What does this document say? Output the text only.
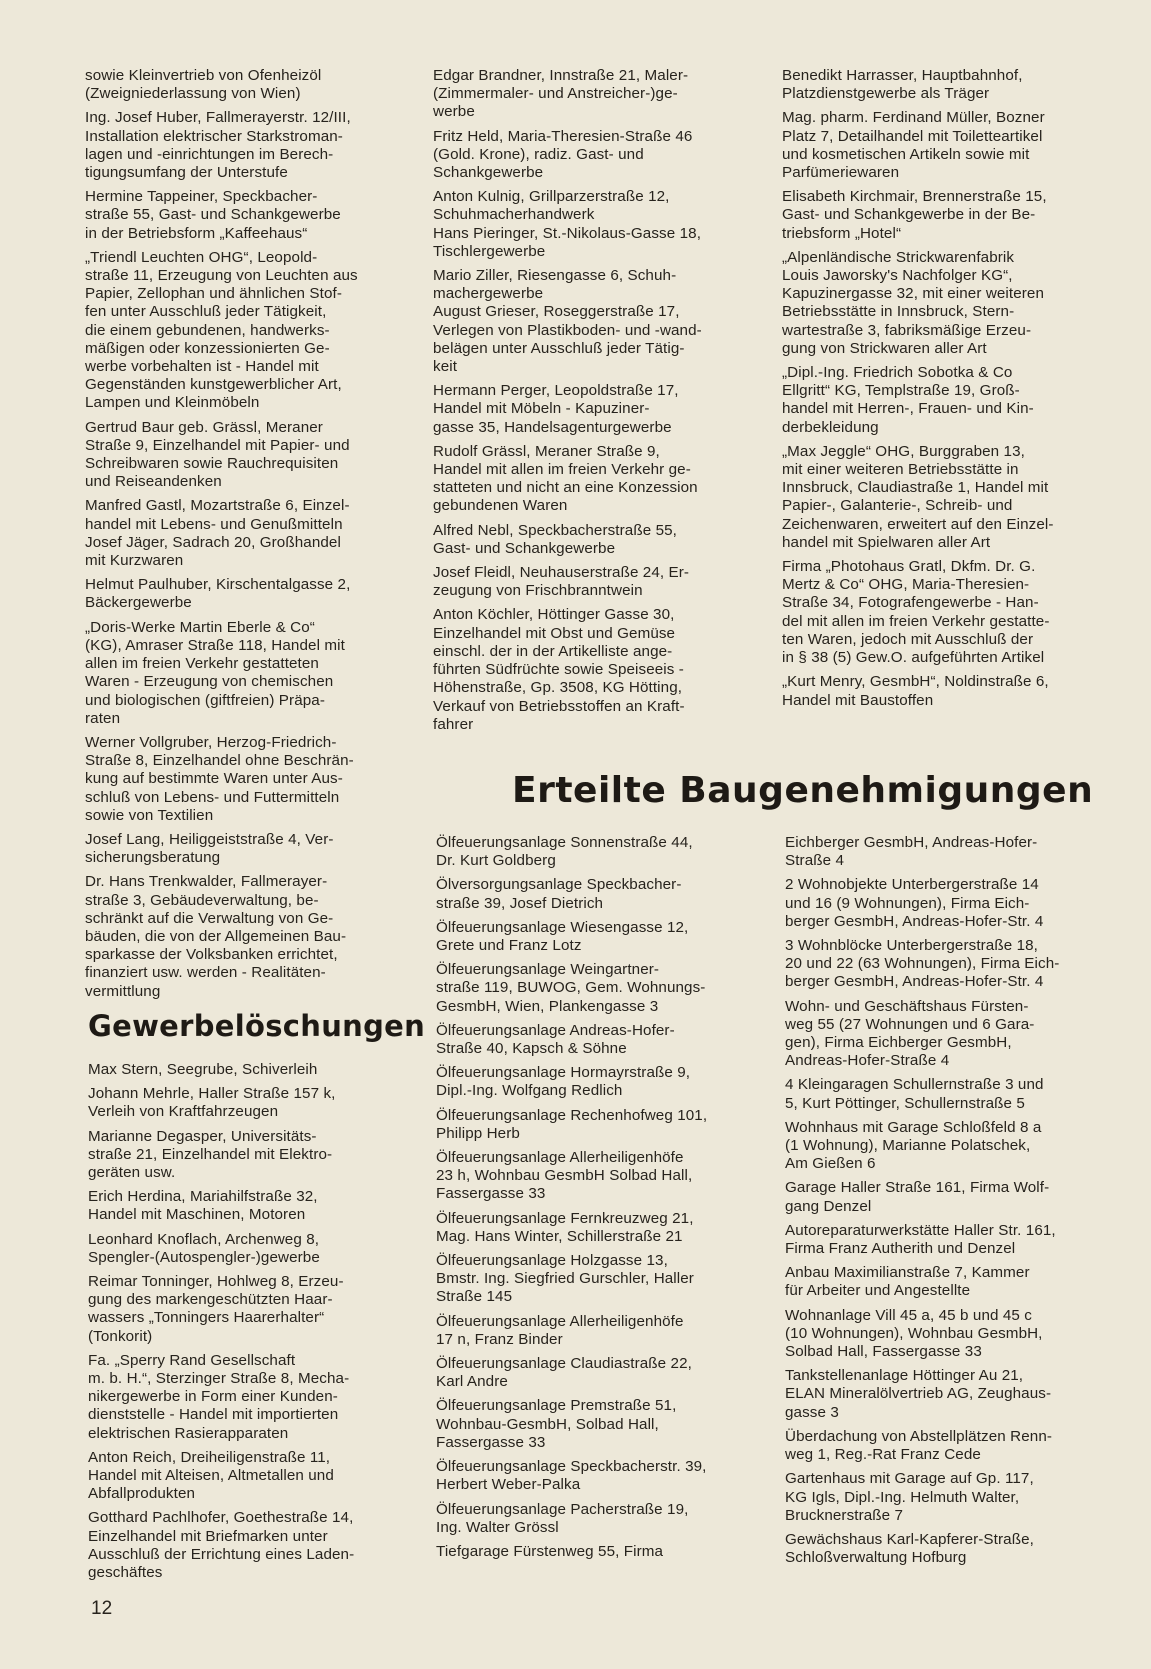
sowie Kleinvertrieb von Ofenheizöl
(Zweigniederlassung von Wien)

Ing. Josef Huber, Fallmerayerstr. 12/III,
Installation elektrischer Starkstroman-
lagen und -einrichtungen im Berech-
tigungsumfang der Unterstufe

Hermine Tappeiner, Speckbacher-
straße 55, Gast- und Schankgewerbe
in der Betriebsform „Kaffeehaus“

„Triendl Leuchten OHG“, Leopold-
straße 11, Erzeugung von Leuchten aus
Papier, Zellophan und ähnlichen Stof-
fen unter Ausschluß jeder Tätigkeit,
die einem gebundenen, handwerks-
mäßigen oder konzessionierten Ge-
werbe vorbehalten ist - Handel mit
Gegenständen kunstgewerblicher Art,
Lampen und Kleinmöbeln

Gertrud Baur geb. Grässl, Meraner
Straße 9, Einzelhandel mit Papier- und
Schreibwaren sowie Rauchrequisiten
und Reiseandenken

Manfred Gastl, Mozartstraße 6, Einzel-
handel mit Lebens- und Genußmitteln
Josef Jäger, Sadrach 20, Großhandel
mit Kurzwaren

Helmut Paulhuber, Kirschentalgasse 2,
Bäckergewerbe

„Doris-Werke Martin Eberle & Co“
(KG), Amraser Straße 118, Handel mit
allen im freien Verkehr gestatteten
Waren - Erzeugung von chemischen
und biologischen (giftfreien) Präpa-
raten

Werner Vollgruber, Herzog-Friedrich-
Straße 8, Einzelhandel ohne Beschrän-
kung auf bestimmte Waren unter Aus-
schluß von Lebens- und Futtermitteln
sowie von Textilien

Josef Lang, Heiliggeiststraße 4, Ver-
sicherungsberatung

Dr. Hans Trenkwalder, Fallmerayer-
straße 3, Gebäudeverwaltung, be-
schränkt auf die Verwaltung von Ge-
bäuden, die von der Allgemeinen Bau-
sparkasse der Volksbanken errichtet,
finanziert usw. werden - Realitäten-
vermittlung

Gewerbelöschungen

Max Stern, Seegrube, Schiverleih

Johann Mehrle, Haller Straße 157 k,
Verleih von Kraftfahrzeugen

Marianne Degasper, Universitäts-
straße 21, Einzelhandel mit Elektro-
geräten usw.

Erich Herdina, Mariahilfstraße 32,
Handel mit Maschinen, Motoren

Leonhard Knoflach, Archenweg 8,
Spengler-(Autospengler-)gewerbe

Reimar Tonninger, Hohlweg 8, Erzeu-
gung des markengeschützten Haar-
wassers „Tonningers Haarerhalter“
(Tonkorit)

Fa. „Sperry Rand Gesellschaft
m. b. H.“, Sterzinger Straße 8, Mecha-
nikergewerbe in Form einer Kunden-
dienststelle - Handel mit importierten
elektrischen Rasierapparaten

Anton Reich, Dreiheiligenstraße 11,
Handel mit Alteisen, Altmetallen und
Abfallprodukten

Gotthard Pachlhofer, Goethestraße 14,
Einzelhandel mit Briefmarken unter
Ausschluß der Errichtung eines Laden-
geschäftes

Edgar Brandner, Innstraße 21, Maler-
(Zimmermaler- und Anstreicher-)ge-
werbe

Fritz Held, Maria-Theresien-Straße 46
(Gold. Krone), radiz. Gast- und
Schankgewerbe

Anton Kulnig, Grillparzerstraße 12,
Schuhmacherhandwerk
Hans Pieringer, St.-Nikolaus-Gasse 18,
Tischlergewerbe

Mario Ziller, Riesengasse 6, Schuh-
machergewerbe
August Grieser, Roseggerstraße 17,
Verlegen von Plastikboden- und -wand-
belägen unter Ausschluß jeder Tätig-
keit

Hermann Perger, Leopoldstraße 17,
Handel mit Möbeln - Kapuziner-
gasse 35, Handelsagenturgewerbe

Rudolf Grässl, Meraner Straße 9,
Handel mit allen im freien Verkehr ge-
statteten und nicht an eine Konzession
gebundenen Waren

Alfred Nebl, Speckbacherstraße 55,
Gast- und Schankgewerbe

Josef Fleidl, Neuhauserstraße 24, Er-
zeugung von Frischbranntwein

Anton Köchler, Höttinger Gasse 30,
Einzelhandel mit Obst und Gemüse
einschl. der in der Artikelliste ange-
führten Südfrüchte sowie Speiseeis -
Höhenstraße, Gp. 3508, KG Hötting,
Verkauf von Betriebsstoffen an Kraft-
fahrer

Benedikt Harrasser, Hauptbahnhof,
Platzdienstgewerbe als Träger

Mag. pharm. Ferdinand Müller, Bozner
Platz 7, Detailhandel mit Toiletteartikel
und kosmetischen Artikeln sowie mit
Parfümeriewaren

Elisabeth Kirchmair, Brennerstraße 15,
Gast- und Schankgewerbe in der Be-
triebsform „Hotel“

„Alpenländische Strickwarenfabrik
Louis Jaworsky's Nachfolger KG“,
Kapuzinergasse 32, mit einer weiteren
Betriebsstätte in Innsbruck, Stern-
wartestraße 3, fabriksmäßige Erzeu-
gung von Strickwaren aller Art

„Dipl.-Ing. Friedrich Sobotka & Co
Ellgritt“ KG, Templstraße 19, Groß-
handel mit Herren-, Frauen- und Kin-
derbekleidung

„Max Jeggle“ OHG, Burggraben 13,
mit einer weiteren Betriebsstätte in
Innsbruck, Claudiastraße 1, Handel mit
Papier-, Galanterie-, Schreib- und
Zeichenwaren, erweitert auf den Einzel-
handel mit Spielwaren aller Art

Firma „Photohaus Gratl, Dkfm. Dr. G.
Mertz & Co“ OHG, Maria-Theresien-
Straße 34, Fotografengewerbe - Han-
del mit allen im freien Verkehr gestatte-
ten Waren, jedoch mit Ausschluß der
in § 38 (5) Gew.O. aufgeführten Artikel

„Kurt Menry, GesmbH“, Noldinstraße 6,
Handel mit Baustoffen

Erteilte Baugenehmigungen

Ölfeuerungsanlage Sonnenstraße 44,
Dr. Kurt Goldberg

Ölversorgungsanlage Speckbacher-
straße 39, Josef Dietrich

Ölfeuerungsanlage Wiesengasse 12,
Grete und Franz Lotz

Ölfeuerungsanlage Weingartner-
straße 119, BUWOG, Gem. Wohnungs-
GesmbH, Wien, Plankengasse 3

Ölfeuerungsanlage Andreas-Hofer-
Straße 40, Kapsch & Söhne

Ölfeuerungsanlage Hormayrstraße 9,
Dipl.-Ing. Wolfgang Redlich

Ölfeuerungsanlage Rechenhofweg 101,
Philipp Herb

Ölfeuerungsanlage Allerheiligenhöfe
23 h, Wohnbau GesmbH Solbad Hall,
Fassergasse 33

Ölfeuerungsanlage Fernkreuzweg 21,
Mag. Hans Winter, Schillerstraße 21

Ölfeuerungsanlage Holzgasse 13,
Bmstr. Ing. Siegfried Gurschler, Haller
Straße 145

Ölfeuerungsanlage Allerheiligenhöfe
17 n, Franz Binder

Ölfeuerungsanlage Claudiastraße 22,
Karl Andre

Ölfeuerungsanlage Premstraße 51,
Wohnbau-GesmbH, Solbad Hall,
Fassergasse 33

Ölfeuerungsanlage Speckbacherstr. 39,
Herbert Weber-Palka

Ölfeuerungsanlage Pacherstraße 19,
Ing. Walter Grössl

Tiefgarage Fürstenweg 55, Firma

Eichberger GesmbH, Andreas-Hofer-
Straße 4

2 Wohnobjekte Unterbergerstraße 14
und 16 (9 Wohnungen), Firma Eich-
berger GesmbH, Andreas-Hofer-Str. 4

3 Wohnblöcke Unterbergerstraße 18,
20 und 22 (63 Wohnungen), Firma Eich-
berger GesmbH, Andreas-Hofer-Str. 4

Wohn- und Geschäftshaus Fürsten-
weg 55 (27 Wohnungen und 6 Gara-
gen), Firma Eichberger GesmbH,
Andreas-Hofer-Straße 4

4 Kleingaragen Schullernstraße 3 und
5, Kurt Pöttinger, Schullernstraße 5

Wohnhaus mit Garage Schloßfeld 8 a
(1 Wohnung), Marianne Polatschek,
Am Gießen 6

Garage Haller Straße 161, Firma Wolf-
gang Denzel

Autoreparaturwerkstätte Haller Str. 161,
Firma Franz Autherith und Denzel

Anbau Maximilianstraße 7, Kammer
für Arbeiter und Angestellte

Wohnanlage Vill 45 a, 45 b und 45 c
(10 Wohnungen), Wohnbau GesmbH,
Solbad Hall, Fassergasse 33

Tankstellenanlage Höttinger Au 21,
ELAN Mineralölvertrieb AG, Zeughaus-
gasse 3

Überdachung von Abstellplätzen Renn-
weg 1, Reg.-Rat Franz Cede

Gartenhaus mit Garage auf Gp. 117,
KG Igls, Dipl.-Ing. Helmuth Walter,
Brucknerstraße 7

Gewächshaus Karl-Kapferer-Straße,
Schloßverwaltung Hofburg

12
